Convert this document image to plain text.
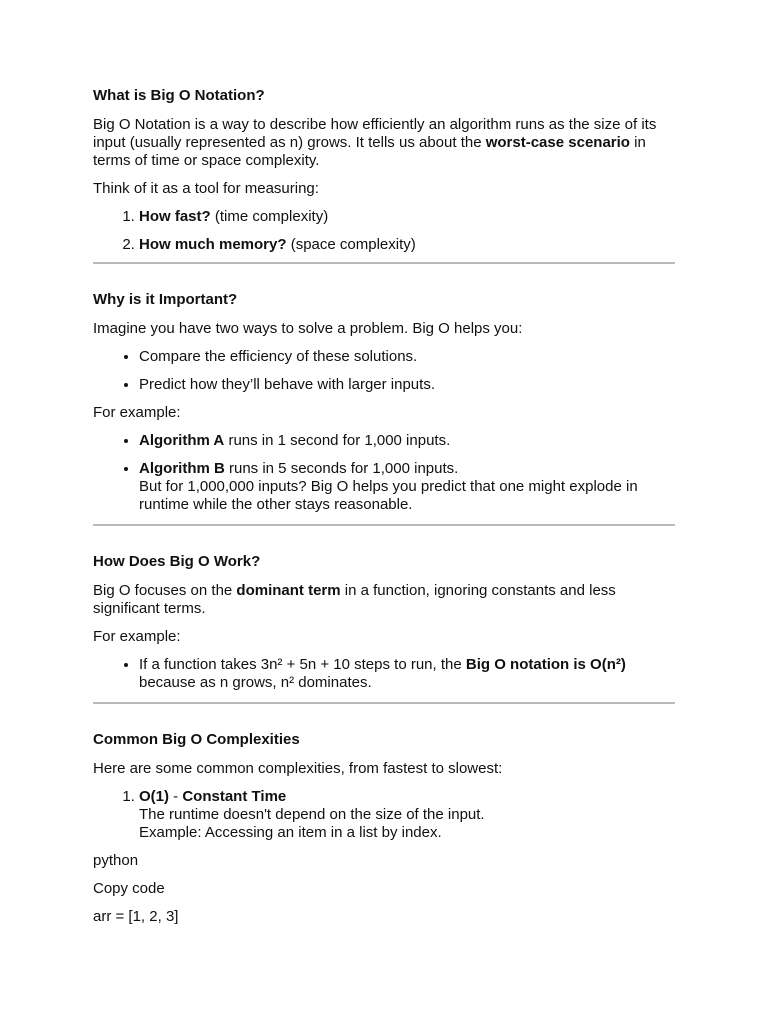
What is Big O Notation?

Big O Notation is a way to describe how efficiently an algorithm runs as the size of its input (usually represented as n) grows. It tells us about the worst-case scenario in terms of time or space complexity.

Think of it as a tool for measuring:

1. How fast? (time complexity)
2. How much memory? (space complexity)
Why is it Important?

Imagine you have two ways to solve a problem. Big O helps you:

• Compare the efficiency of these solutions.
• Predict how they’ll behave with larger inputs.

For example:

• Algorithm A runs in 1 second for 1,000 inputs.
• Algorithm B runs in 5 seconds for 1,000 inputs.
But for 1,000,000 inputs? Big O helps you predict that one might explode in runtime while the other stays reasonable.
How Does Big O Work?

Big O focuses on the dominant term in a function, ignoring constants and less significant terms.

For example:

• If a function takes 3n² + 5n + 10 steps to run, the Big O notation is O(n²) because as n grows, n² dominates.
Common Big O Complexities

Here are some common complexities, from fastest to slowest:

1. O(1) - Constant Time
The runtime doesn't depend on the size of the input.
Example: Accessing an item in a list by index.

python

Copy code

arr = [1, 2, 3]
